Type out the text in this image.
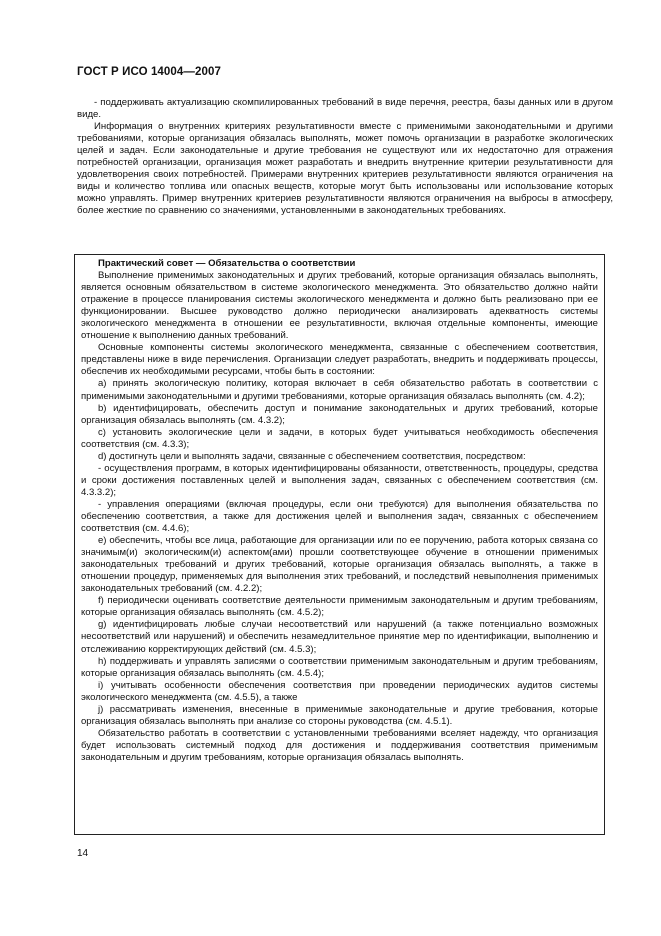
ГОСТ Р ИСО 14004—2007

- поддерживать актуализацию скомпилированных требований в виде перечня, реестра, базы данных или в другом виде.

Информация о внутренних критериях результативности вместе с применимыми законодательными и другими требованиями, которые организация обязалась выполнять, может помочь организации в разработке экологических целей и задач. Если законодательные и другие требования не существуют или их недостаточно для отражения потребностей организации, организация может разработать и внедрить внутренние критерии результативности для удовлетворения своих потребностей. Примерами внутренних критериев результативности являются ограничения на виды и количество топлива или опасных веществ, которые могут быть использованы или использование которых можно управлять. Пример внутренних критериев результативности являются ограничения на выбросы в атмосферу, более жесткие по сравнению со значениями, установленными в законодательных требованиях.

Практический совет — Обязательства о соответствии

Выполнение применимых законодательных и других требований, которые организация обязалась выполнять, является основным обязательством в системе экологического менеджмента. Это обязательство должно найти отражение в процессе планирования системы экологического менеджмента и должно быть реализовано при ее функционировании. Высшее руководство должно периодически анализировать адекватность системы экологического менеджмента в отношении ее результативности, включая отдельные компоненты, имеющие отношение к выполнению данных требований.

Основные компоненты системы экологического менеджмента, связанные с обеспечением соответствия, представлены ниже в виде перечисления. Организации следует разработать, внедрить и поддерживать процессы, обеспечив их необходимыми ресурсами, чтобы быть в состоянии:

а) принять экологическую политику, которая включает в себя обязательство работать в соответствии с применимыми законодательными и другими требованиями, которые организация обязалась выполнять (см. 4.2);

b) идентифицировать, обеспечить доступ и понимание законодательных и других требований, которые организация обязалась выполнять (см. 4.3.2);

c) установить экологические цели и задачи, в которых будет учитываться необходимость обеспечения соответствия (см. 4.3.3);

d) достигнуть цели и выполнять задачи, связанные с обеспечением соответствия, посредством:

- осуществления программ, в которых идентифицированы обязанности, ответственность, процедуры, средства и сроки достижения поставленных целей и выполнения задач, связанных с обеспечением соответствия (см. 4.3.3.2);

- управления операциями (включая процедуры, если они требуются) для выполнения обязательства по обеспечению соответствия, а также для достижения целей и выполнения задач, связанных с обеспечением соответствия (см. 4.4.6);

e) обеспечить, чтобы все лица, работающие для организации или по ее поручению, работа которых связана со значимым(и) экологическим(и) аспектом(ами) прошли соответствующее обучение в отношении применимых законодательных требований и других требований, которые организация обязалась выполнять, а также в отношении процедур, применяемых для выполнения этих требований, и последствий невыполнения применимых законодательных требований (см. 4.2.2);

f) периодически оценивать соответствие деятельности применимым законодательным и другим требованиям, которые организация обязалась выполнять (см. 4.5.2);

g) идентифицировать любые случаи несоответствий или нарушений (а также потенциально возможных несоответствий или нарушений) и обеспечить незамедлительное принятие мер по идентификации, выполнению и отслеживанию корректирующих действий (см. 4.5.3);

h) поддерживать и управлять записями о соответствии применимым законодательным и другим требованиям, которые организация обязалась выполнять (см. 4.5.4);

i) учитывать особенности обеспечения соответствия при проведении периодических аудитов системы экологического менеджмента (см. 4.5.5), а также

j) рассматривать изменения, внесенные в применимые законодательные и другие требования, которые организация обязалась выполнять при анализе со стороны руководства (см. 4.5.1).

Обязательство работать в соответствии с установленными требованиями вселяет надежду, что организация будет использовать системный подход для достижения и поддерживания соответствия применимым законодательным и другим требованиям, которые организация обязалась выполнять.

14
